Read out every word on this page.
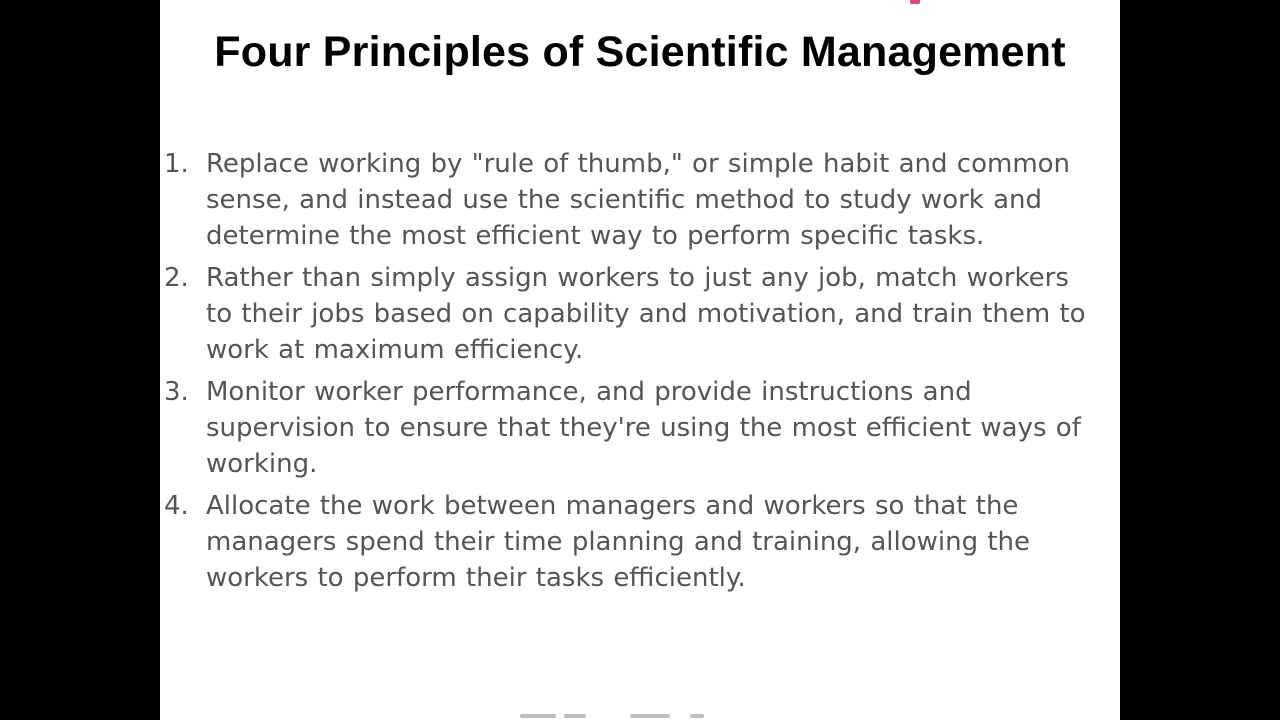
Four Principles of Scientific Management
1. Replace working by "rule of thumb," or simple habit and common sense, and instead use the scientific method to study work and determine the most efficient way to perform specific tasks.
2. Rather than simply assign workers to just any job, match workers to their jobs based on capability and motivation, and train them to work at maximum efficiency.
3. Monitor worker performance, and provide instructions and supervision to ensure that they're using the most efficient ways of working.
4. Allocate the work between managers and workers so that the managers spend their time planning and training, allowing the workers to perform their tasks efficiently.
